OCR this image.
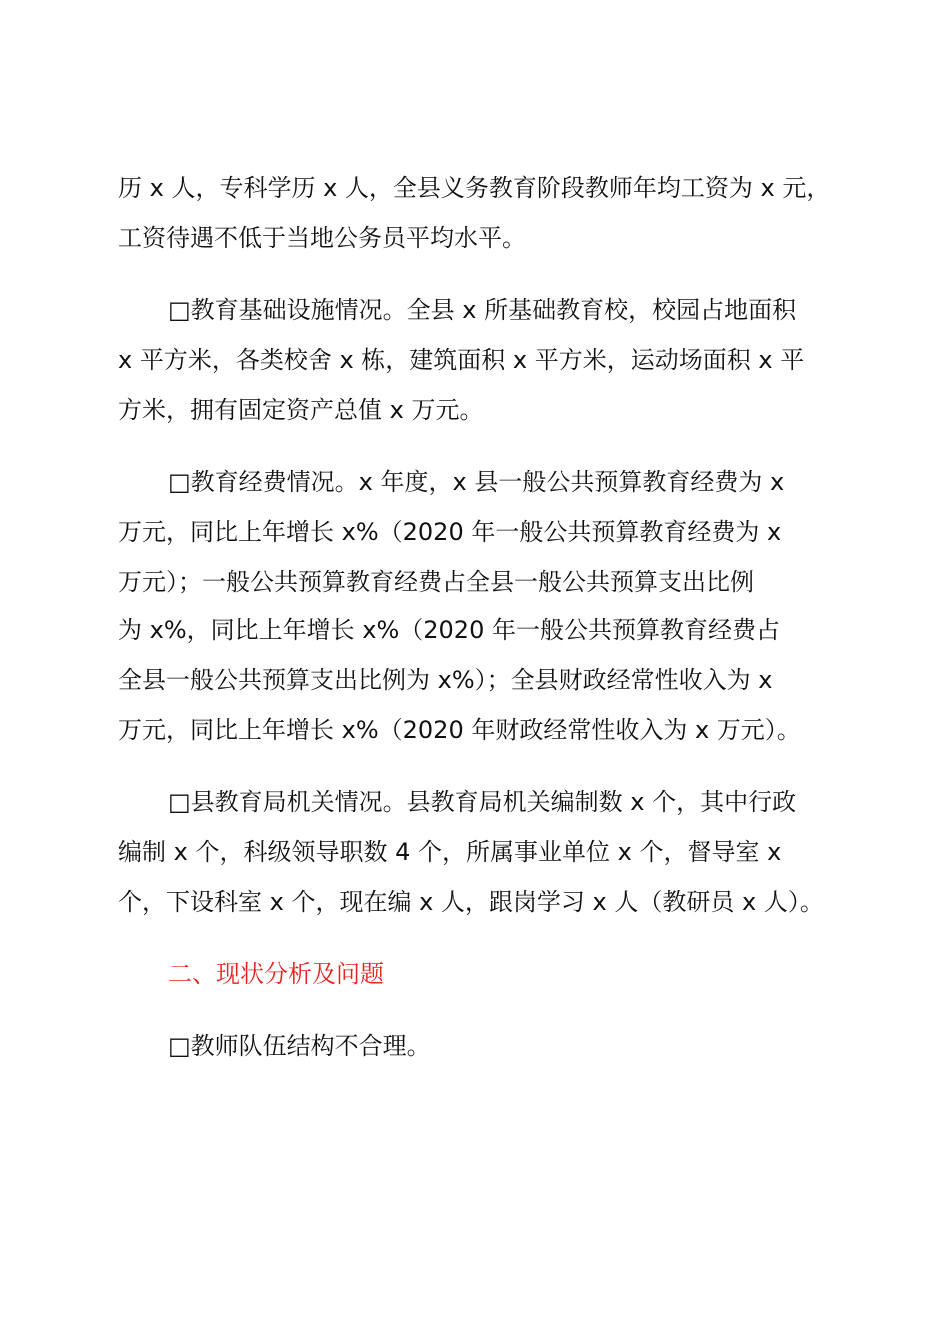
历 x 人，专科学历 x 人，全县义务教育阶段教师年均工资为 x 元，

工资待遇不低于当地公务员平均水平。

□教育基础设施情况。全县 x 所基础教育校，校园占地面积

x 平方米，各类校舍 x 栋，建筑面积 x 平方米，运动场面积 x 平

方米，拥有固定资产总值 x 万元。

□教育经费情况。x 年度，x 县一般公共预算教育经费为 x

万元，同比上年增长 x%（2020 年一般公共预算教育经费为 x

万元）；一般公共预算教育经费占全县一般公共预算支出比例

为 x%，同比上年增长 x%（2020 年一般公共预算教育经费占

全县一般公共预算支出比例为 x%）；全县财政经常性收入为 x

万元，同比上年增长 x%（2020 年财政经常性收入为 x 万元）。

□县教育局机关情况。县教育局机关编制数 x 个，其中行政

编制 x 个，科级领导职数 4 个，所属事业单位 x 个，督导室 x

个，下设科室 x 个，现在编 x 人，跟岗学习 x 人（教研员 x 人）。

二、现状分析及问题

□教师队伍结构不合理。
